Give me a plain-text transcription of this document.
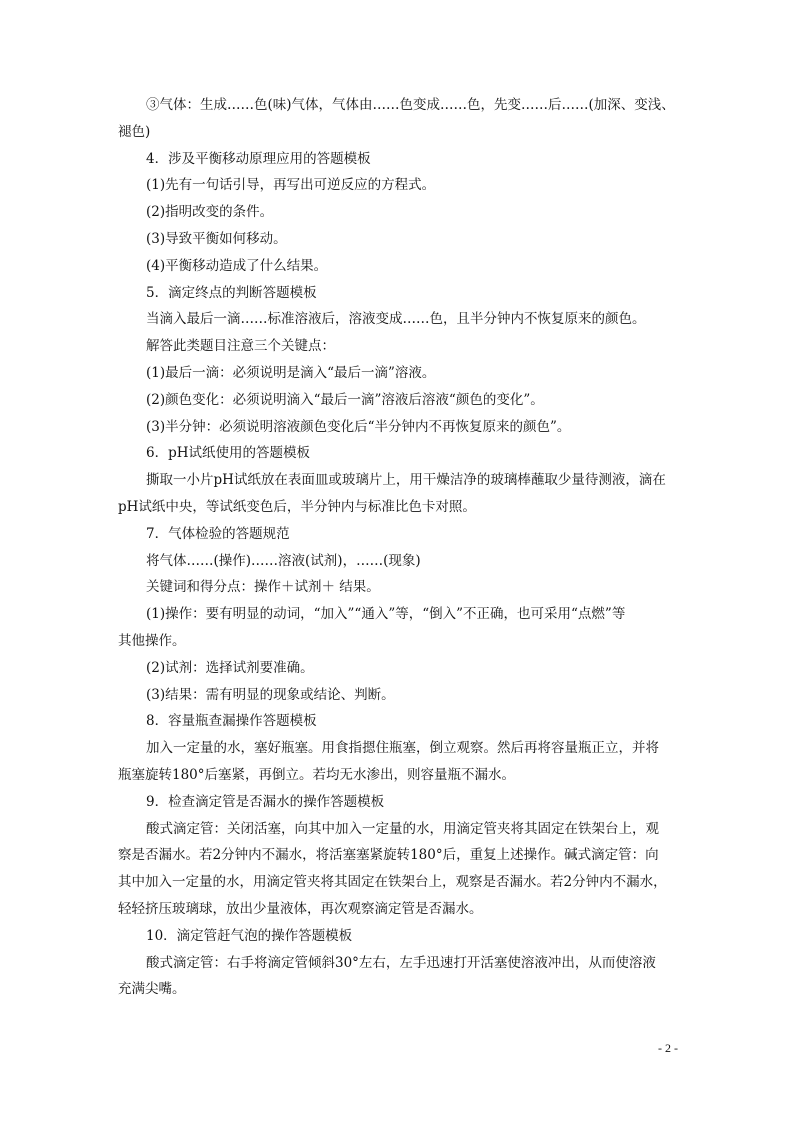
③气体：生成……色(味)气体，气体由……色变成……色，先变……后……(加深、变浅、
褪色)
4．涉及平衡移动原理应用的答题模板
(1)先有一句话引导，再写出可逆反应的方程式。
(2)指明改变的条件。
(3)导致平衡如何移动。
(4)平衡移动造成了什么结果。
5．滴定终点的判断答题模板
当滴入最后一滴……标准溶液后，溶液变成……色，且半分钟内不恢复原来的颜色。
解答此类题目注意三个关键点：
(1)最后一滴：必须说明是滴入“最后一滴”溶液。
(2)颜色变化：必须说明滴入“最后一滴”溶液后溶液“颜色的变化”。
(3)半分钟：必须说明溶液颜色变化后“半分钟内不再恢复原来的颜色”。
6．pH试纸使用的答题模板
撕取一小片pH试纸放在表面皿或玻璃片上，用干燥洁净的玻璃棒蘸取少量待测液，滴在
pH试纸中央，等试纸变色后，半分钟内与标准比色卡对照。
7．气体检验的答题规范
将气体……(操作)……溶液(试剂)，……(现象)
关键词和得分点：操作＋试剂＋ 结果。
(1)操作：要有明显的动词，“加入”“通入”等，“倒入”不正确，也可采用“点燃”等
其他操作。
(2)试剂：选择试剂要准确。
(3)结果：需有明显的现象或结论、判断。
8．容量瓶查漏操作答题模板
加入一定量的水，塞好瓶塞。用食指摁住瓶塞，倒立观察。然后再将容量瓶正立，并将
瓶塞旋转180°后塞紧，再倒立。若均无水渗出，则容量瓶不漏水。
9．检查滴定管是否漏水的操作答题模板
酸式滴定管：关闭活塞，向其中加入一定量的水，用滴定管夹将其固定在铁架台上，观
察是否漏水。若2分钟内不漏水，将活塞塞紧旋转180°后，重复上述操作。碱式滴定管：向
其中加入一定量的水，用滴定管夹将其固定在铁架台上，观察是否漏水。若2分钟内不漏水，
轻轻挤压玻璃球，放出少量液体，再次观察滴定管是否漏水。
10．滴定管赶气泡的操作答题模板
酸式滴定管：右手将滴定管倾斜30°左右，左手迅速打开活塞使溶液冲出，从而使溶液
充满尖嘴。
- 2 -
